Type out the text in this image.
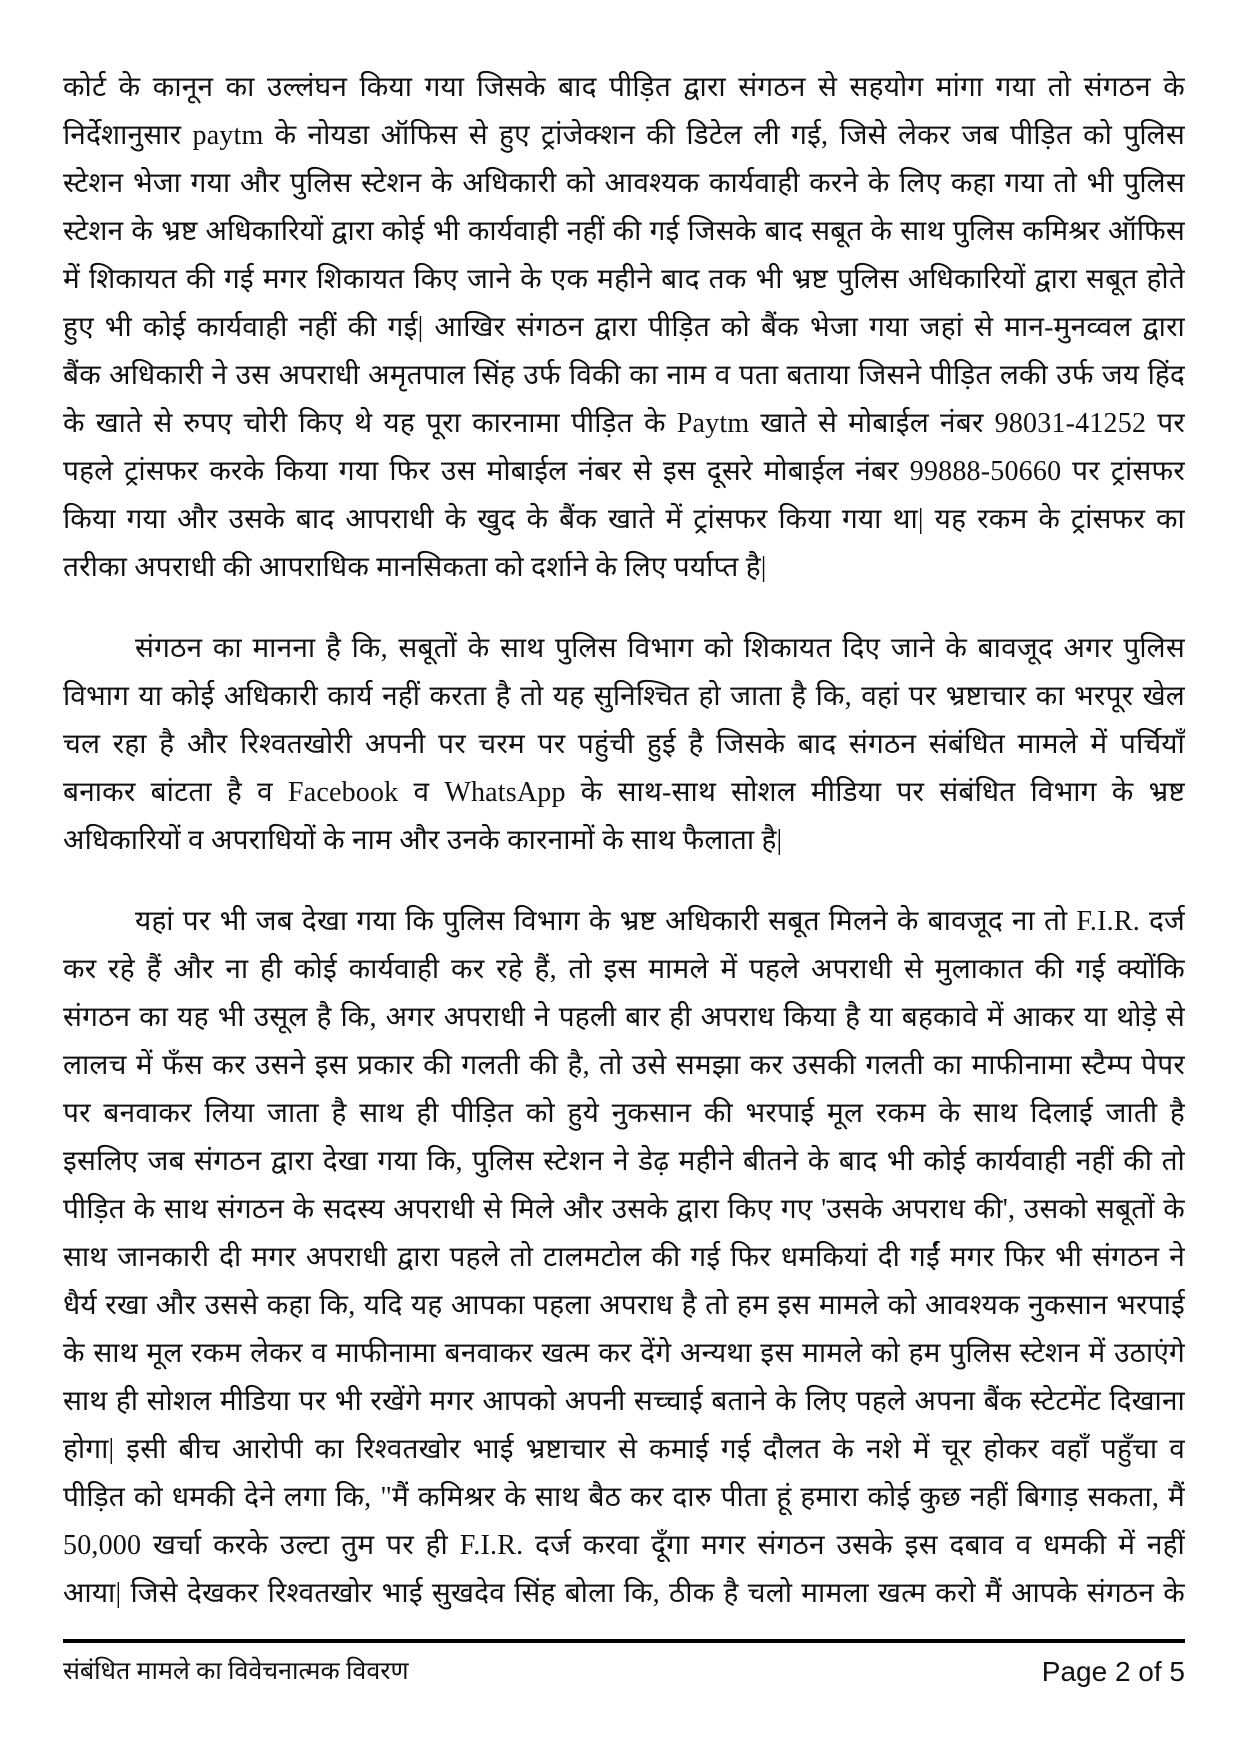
कोर्ट के कानून का उल्लंघन किया गया जिसके बाद पीड़ित द्वारा संगठन से सहयोग मांगा गया तो संगठन के
निर्देशानुसार paytm के नोयडा ऑफिस से हुए ट्रांजेक्शन की डिटेल ली गई, जिसे लेकर जब पीड़ित को पुलिस
स्टेशन भेजा गया और पुलिस स्टेशन के अधिकारी को आवश्यक कार्यवाही करने के लिए कहा गया तो भी पुलिस
स्टेशन के भ्रष्ट अधिकारियों द्वारा कोई भी कार्यवाही नहीं की गई जिसके बाद सबूत के साथ पुलिस कमिश्रर ऑफिस
में शिकायत की गई मगर शिकायत किए जाने के एक महीने बाद तक भी भ्रष्ट पुलिस अधिकारियों द्वारा सबूत होते
हुए भी कोई कार्यवाही नहीं की गई| आखिर संगठन द्वारा पीड़ित को बैंक भेजा गया जहां से मान-मुनव्वल द्वारा
बैंक अधिकारी ने उस अपराधी अमृतपाल सिंह उर्फ विकी का नाम व पता बताया जिसने पीड़ित लकी उर्फ जय हिंद
के खाते से रुपए चोरी किए थे यह पूरा कारनामा पीड़ित के Paytm खाते से मोबाईल नंबर 98031-41252 पर
पहले ट्रांसफर करके किया गया फिर उस मोबाईल नंबर से इस दूसरे मोबाईल नंबर 99888-50660 पर ट्रांसफर
किया गया और उसके बाद आपराधी के खुद के बैंक खाते में ट्रांसफर किया गया था| यह रकम के ट्रांसफर का
तरीका अपराधी की आपराधिक मानसिकता को दर्शाने के लिए पर्याप्त है|
संगठन का मानना है कि, सबूतों के साथ पुलिस विभाग को शिकायत दिए जाने के बावजूद अगर पुलिस
विभाग या कोई अधिकारी कार्य नहीं करता है तो यह सुनिश्चित हो जाता है कि, वहां पर भ्रष्टाचार का भरपूर खेल
चल रहा है और रिश्वतखोरी अपनी पर चरम पर पहुंची हुई है जिसके बाद संगठन संबंधित मामले में पर्चियाँ
बनाकर बांटता है व Facebook व WhatsApp के साथ-साथ सोशल मीडिया पर संबंधित विभाग के भ्रष्ट
अधिकारियों व अपराधियों के नाम और उनके कारनामों के साथ फैलाता है|
यहां पर भी जब देखा गया कि पुलिस विभाग के भ्रष्ट अधिकारी सबूत मिलने के बावजूद ना तो F.I.R. दर्ज
कर रहे हैं और ना ही कोई कार्यवाही कर रहे हैं, तो इस मामले में पहले अपराधी से मुलाकात की गई क्योंकि
संगठन का यह भी उसूल है कि, अगर अपराधी ने पहली बार ही अपराध किया है या बहकावे में आकर या थोड़े से
लालच में फँस कर उसने इस प्रकार की गलती की है, तो उसे समझा कर उसकी गलती का माफीनामा स्टैम्प पेपर
पर बनवाकर लिया जाता है साथ ही पीड़ित को हुये नुकसान की भरपाई मूल रकम के साथ दिलाई जाती है
इसलिए जब संगठन द्वारा देखा गया कि, पुलिस स्टेशन ने डेढ़ महीने बीतने के बाद भी कोई कार्यवाही नहीं की तो
पीड़ित के साथ संगठन के सदस्य अपराधी से मिले और उसके द्वारा किए गए 'उसके अपराध की', उसको सबूतों के
साथ जानकारी दी मगर अपराधी द्वारा पहले तो टालमटोल की गई फिर धमकियां दी गईं मगर फिर भी संगठन ने
धैर्य रखा और उससे कहा कि, यदि यह आपका पहला अपराध है तो हम इस मामले को आवश्यक नुकसान भरपाई
के साथ मूल रकम लेकर व माफीनामा बनवाकर खत्म कर देंगे अन्यथा इस मामले को हम पुलिस स्टेशन में उठाएंगे
साथ ही सोशल मीडिया पर भी रखेंगे मगर आपको अपनी सच्चाई बताने के लिए पहले अपना बैंक स्टेटमेंट दिखाना
होगा| इसी बीच आरोपी का रिश्वतखोर भाई भ्रष्टाचार से कमाई गई दौलत के नशे में चूर होकर वहाँ पहुँचा व
पीड़ित को धमकी देने लगा कि, "मैं कमिश्रर के साथ बैठ कर दारु पीता हूं हमारा कोई कुछ नहीं बिगाड़ सकता, मैं
50,000 खर्चा करके उल्टा तुम पर ही F.I.R. दर्ज करवा दूँगा मगर संगठन उसके इस दबाव व धमकी में नहीं
आया| जिसे देखकर रिश्वतखोर भाई सुखदेव सिंह बोला कि, ठीक है चलो मामला खत्म करो मैं आपके संगठन के
संबंधित मामले का विवेचनात्मक विवरण	Page 2 of 5
